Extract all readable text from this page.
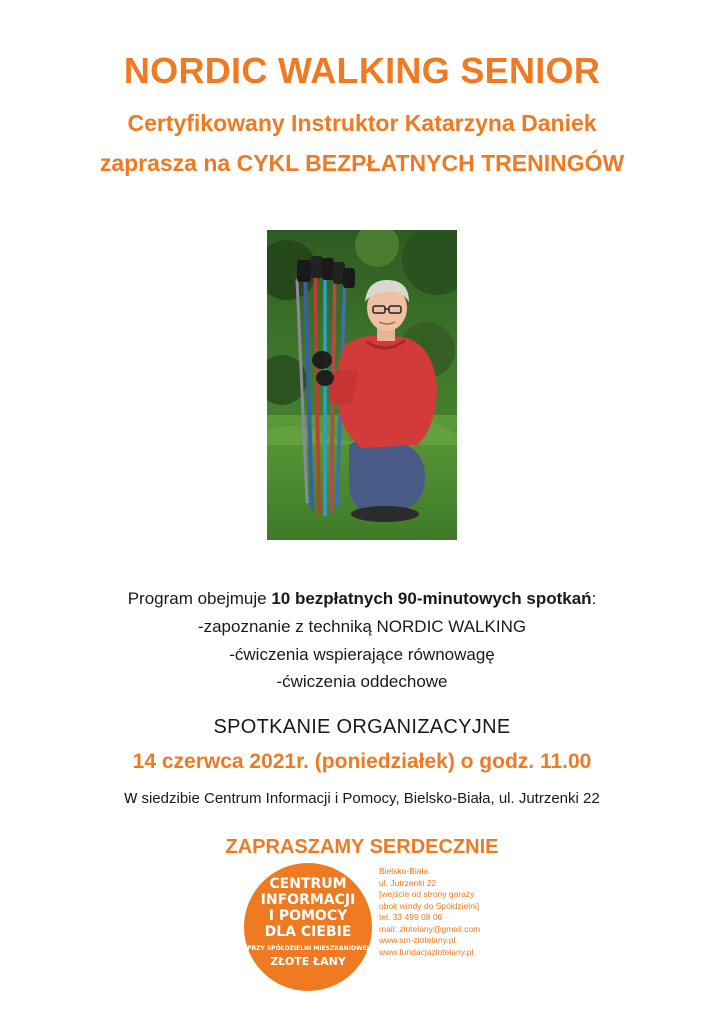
NORDIC WALKING SENIOR
Certyfikowany Instruktor Katarzyna Daniek
zaprasza na CYKL BEZPŁATNYCH TRENINGÓW
Program obejmuje 10 bezpłatnych 90-minutowych spotkań:
-zapoznanie z techniką NORDIC WALKING
-ćwiczenia wspierające równowagę
-ćwiczenia oddechowe
SPOTKANIE ORGANIZACYJNE
14 czerwca 2021r. (poniedziałek) o godz. 11.00
w siedzibie Centrum Informacji i Pomocy, Bielsko-Biała, ul. Jutrzenki 22
ZAPRASZAMY SERDECZNIE
CENTRUM
INFORMACJI
I POMOCY
DLA CIEBIE
PRZY SPÓŁDZIELNI MIESZKANIOWEJ
ZŁOTE ŁANY
Bielsko-Biała
ul. Jutrzenki 22
[wejście od strony garaży
obok windy do Spółdzielni]
tel. 33 499 08 06
mail: zlotelany@gmail.com
www.sm-zlotelany.pl
www.fundacjazlotelany.pl
